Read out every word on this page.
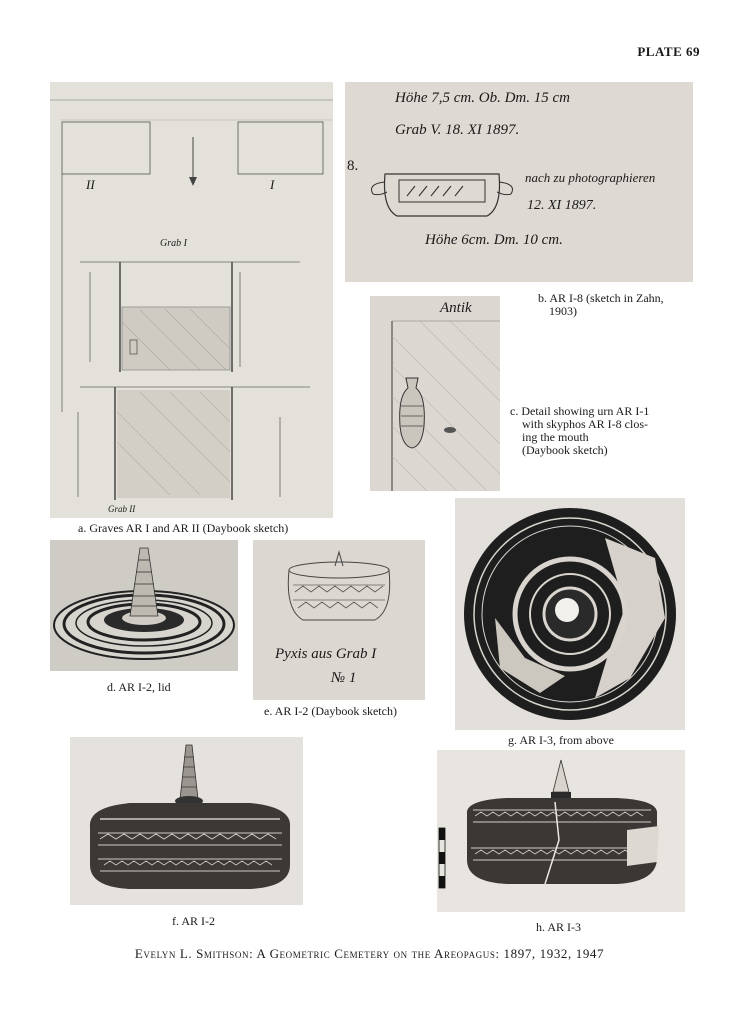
PLATE 69
II	I
Grab I
Grab II
a. Graves AR I and AR II (Daybook sketch)
Höhe 7,5 cm. Ob. Dm. 15 cm
Grab V. 18. XI 1897.
8.
nach zu photographieren
12. XI 1897.
Höhe 6cm. Dm. 10 cm.
b. AR I-8 (sketch in Zahn,
1903)
Antik
c. Detail showing urn AR I-1
with skyphos AR I-8 clos-
ing the mouth
(Daybook sketch)
d. AR I-2, lid
Pyxis aus Grab I
№ 1
e. AR I-2 (Daybook sketch)
g. AR I-3, from above
f. AR I-2	h. AR I-3
Evelyn L. Smithson: A Geometric Cemetery on the Areopagus: 1897, 1932, 1947
